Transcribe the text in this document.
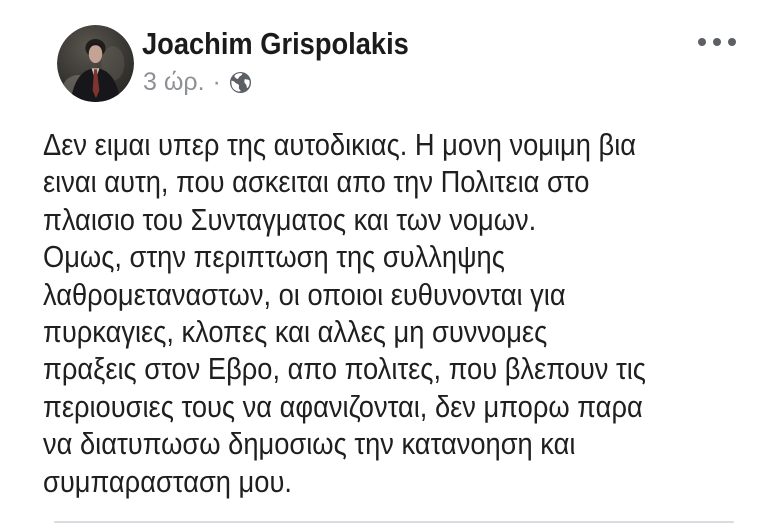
Joachim Grispolakis
3 ώρ. ·
Δεν ειμαι υπερ της αυτοδικιας. Η μονη νομιμη βια
ειναι αυτη, που ασκειται απο την Πολιτεια στο
πλαισιο του Συνταγματος και των νομων.
Ομως, στην περιπτωση της συλληψης
λαθρομεταναστων, οι οποιοι ευθυνονται για
πυρκαγιες, κλοπες και αλλες μη συννομες
πραξεις στον Εβρο, απο πολιτες, που βλεπουν τις
περιουσιες τους να αφανιζονται, δεν μπορω παρα
να διατυπωσω δημοσιως την κατανοηση και
συμπαρασταση μου.
